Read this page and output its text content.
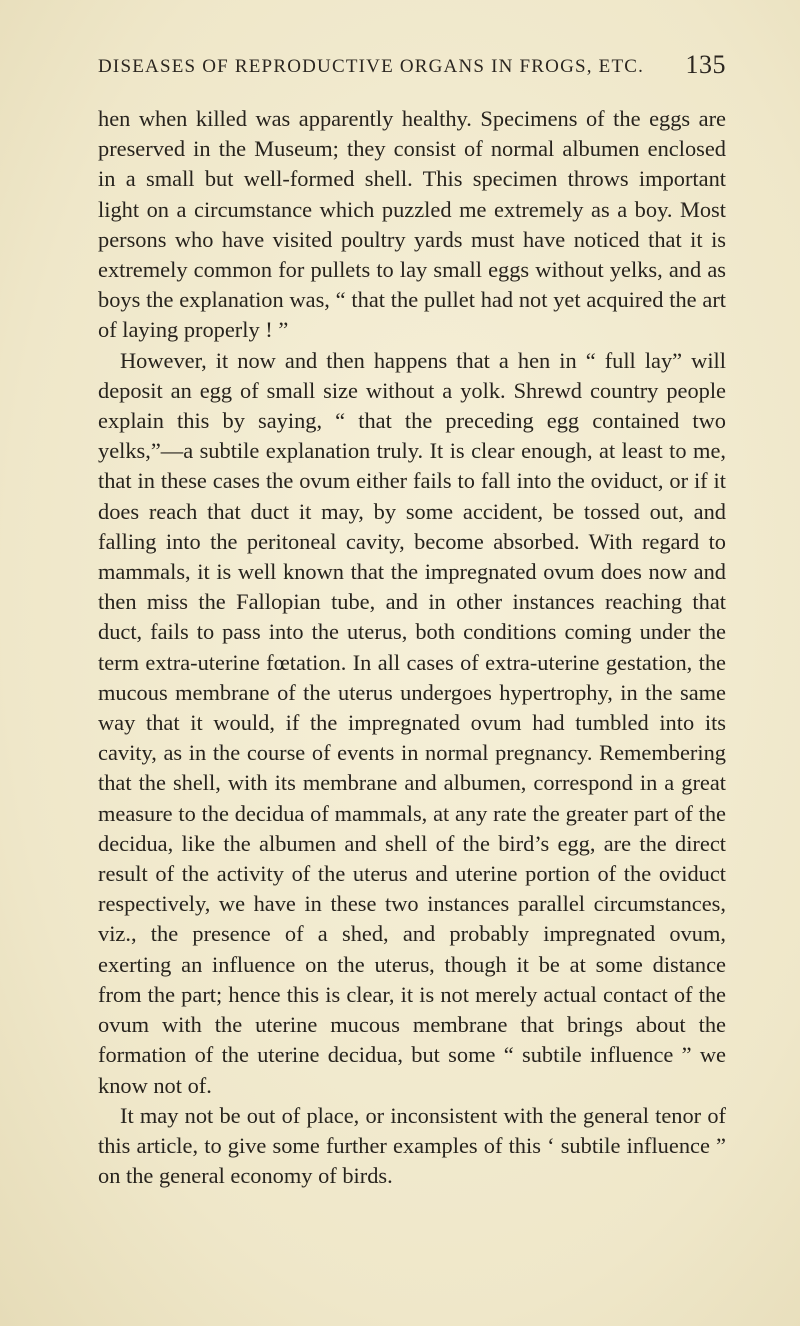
DISEASES OF REPRODUCTIVE ORGANS IN FROGS, ETC. 135

hen when killed was apparently healthy. Specimens of the eggs are preserved in the Museum; they consist of normal albumen enclosed in a small but well-formed shell. This specimen throws important light on a circumstance which puzzled me extremely as a boy. Most persons who have visited poultry yards must have noticed that it is extremely common for pullets to lay small eggs without yelks, and as boys the explanation was, “ that the pullet had not yet acquired the art of laying properly ! ”

However, it now and then happens that a hen in “ full lay” will deposit an egg of small size without a yolk. Shrewd country people explain this by saying, “ that the preceding egg contained two yelks,”—a subtile explanation truly. It is clear enough, at least to me, that in these cases the ovum either fails to fall into the oviduct, or if it does reach that duct it may, by some accident, be tossed out, and falling into the peritoneal cavity, become absorbed. With regard to mammals, it is well known that the impregnated ovum does now and then miss the Fallopian tube, and in other instances reaching that duct, fails to pass into the uterus, both conditions coming under the term extra-uterine fœtation. In all cases of extra-uterine gestation, the mucous membrane of the uterus undergoes hypertrophy, in the same way that it would, if the impregnated ovum had tumbled into its cavity, as in the course of events in normal pregnancy. Remembering that the shell, with its membrane and albumen, correspond in a great measure to the decidua of mammals, at any rate the greater part of the decidua, like the albumen and shell of the bird’s egg, are the direct result of the activity of the uterus and uterine portion of the oviduct respectively, we have in these two instances parallel circumstances, viz., the presence of a shed, and probably impregnated ovum, exerting an influence on the uterus, though it be at some distance from the part; hence this is clear, it is not merely actual contact of the ovum with the uterine mucous membrane that brings about the formation of the uterine decidua, but some “ subtile influence ” we know not of.

It may not be out of place, or inconsistent with the general tenor of this article, to give some further examples of this ‘ subtile influence ” on the general economy of birds.
